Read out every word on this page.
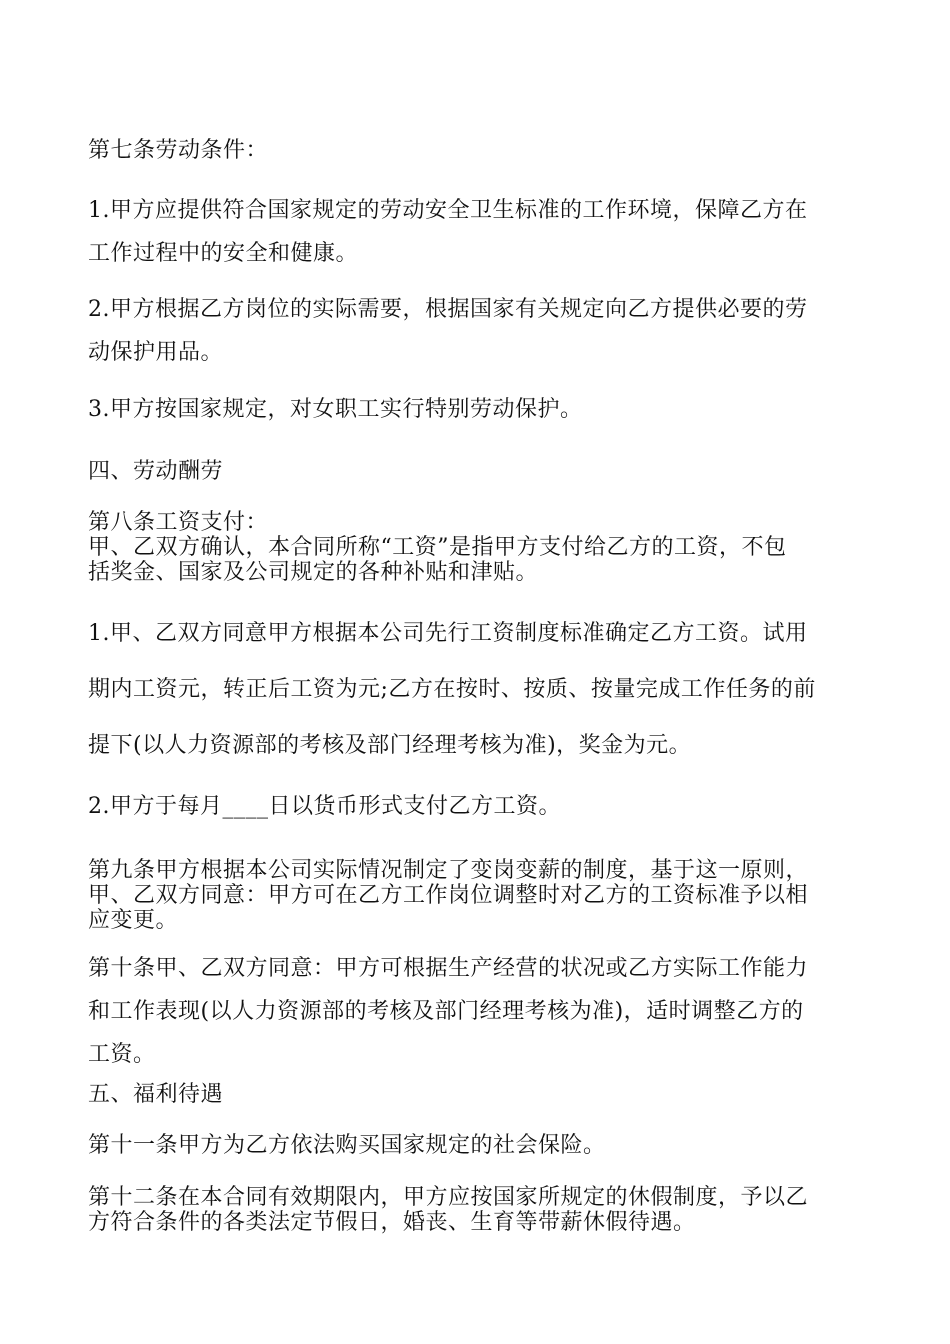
第七条劳动条件：
1.甲方应提供符合国家规定的劳动安全卫生标准的工作环境，保障乙方在
工作过程中的安全和健康。
2.甲方根据乙方岗位的实际需要，根据国家有关规定向乙方提供必要的劳
动保护用品。
3.甲方按国家规定，对女职工实行特别劳动保护。
四、劳动酬劳
第八条工资支付：
甲、乙双方确认，本合同所称“工资”是指甲方支付给乙方的工资，不包
括奖金、国家及公司规定的各种补贴和津贴。
1.甲、乙双方同意甲方根据本公司先行工资制度标准确定乙方工资。试用
期内工资元，转正后工资为元;乙方在按时、按质、按量完成工作任务的前
提下(以人力资源部的考核及部门经理考核为准)，奖金为元。
2.甲方于每月____日以货币形式支付乙方工资。
第九条甲方根据本公司实际情况制定了变岗变薪的制度，基于这一原则，
甲、乙双方同意：甲方可在乙方工作岗位调整时对乙方的工资标准予以相
应变更。
第十条甲、乙双方同意：甲方可根据生产经营的状况或乙方实际工作能力
和工作表现(以人力资源部的考核及部门经理考核为准)，适时调整乙方的
工资。
五、福利待遇
第十一条甲方为乙方依法购买国家规定的社会保险。
第十二条在本合同有效期限内，甲方应按国家所规定的休假制度，予以乙
方符合条件的各类法定节假日，婚丧、生育等带薪休假待遇。
